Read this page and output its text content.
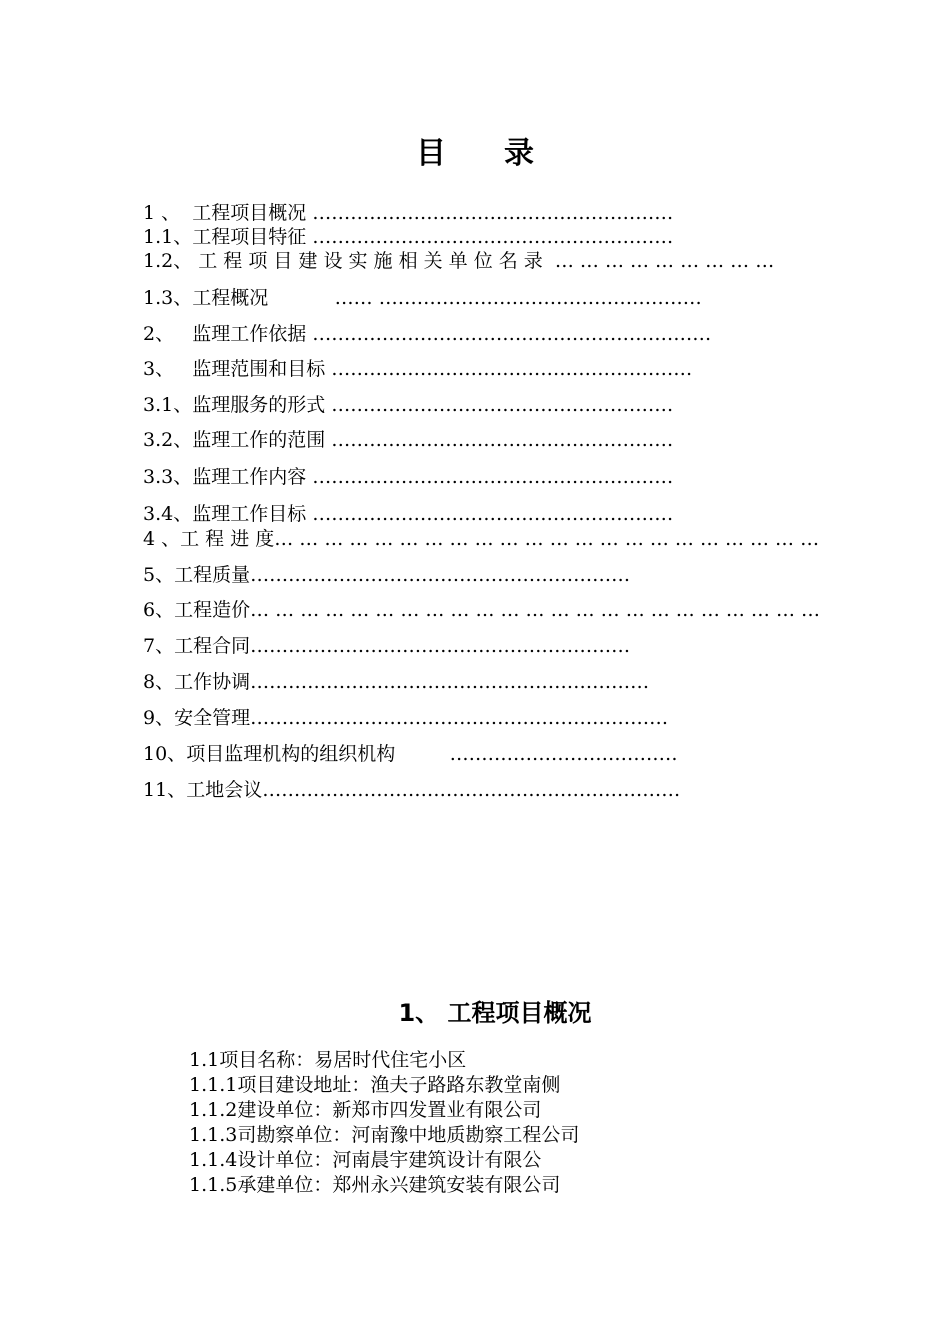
目 录
1 、 工程项目概况 …………………………………………………
1.1、工程项目特征 …………………………………………………
1.2、 工 程 项 目 建 设 实 施 相 关 单 位 名 录 … … … … … … … … …
1.3、工程概况	…… ……………………………………………
2、 监理工作依据 ………………………………………………………
3、 监理范围和目标 …………………………………………………
3.1、监理服务的形式 ………………………………………………
3.2、监理工作的范围 ………………………………………………
3.3、监理工作内容 …………………………………………………
3.4、监理工作目标 …………………………………………………
4 、工 程 进 度… … … … … … … … … … … … … … … … … … … … … …
5、工程质量……………………………………………………
6、工程造价… … … … … … … … … … … … … … … … … … … … … … …
7、工程合同……………………………………………………
8、工作协调………………………………………………………
9、安全管理…………………………………………………………
10、项目监理机构的组织机构	………………………………
11、工地会议…………………………………………………………
1、 工程项目概况
1.1项目名称：易居时代住宅小区
1.1.1项目建设地址：渔夫子路路东教堂南侧
1.1.2建设单位：新郑市四发置业有限公司
1.1.3司勘察单位：河南豫中地质勘察工程公司
1.1.4设计单位：河南晨宇建筑设计有限公
1.1.5承建单位：郑州永兴建筑安装有限公司
